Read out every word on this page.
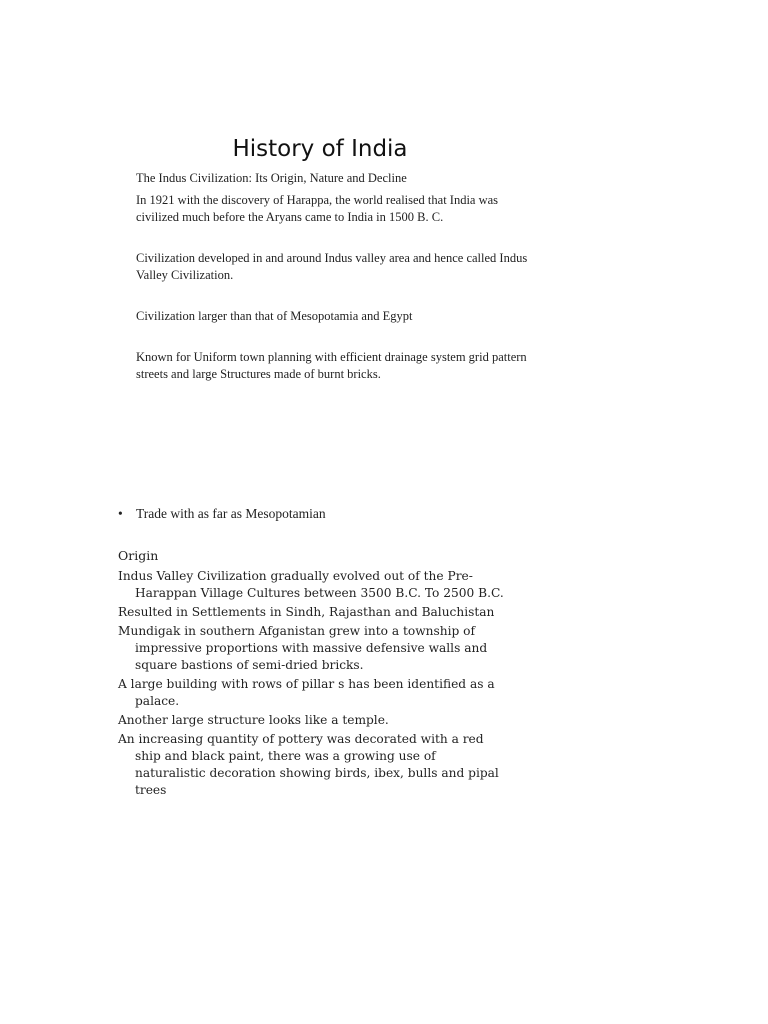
History of India

The Indus Civilization: Its Origin, Nature and Decline

In 1921 with the discovery of Harappa, the world realised that India was civilized much before the Aryans came to India in 1500 B. C.

Civilization developed in and around Indus valley area and hence called Indus Valley Civilization.

Civilization larger than that of Mesopotamia and Egypt

Known for Uniform town planning with efficient drainage system grid pattern streets and large Structures made of burnt bricks.

• Trade with as far as Mesopotamian

Origin

Indus Valley Civilization gradually evolved out of the Pre-Harappan Village Cultures between 3500 B.C. To 2500 B.C.

Resulted in Settlements in Sindh, Rajasthan and Baluchistan

Mundigak in southern Afganistan grew into a township of impressive proportions with massive defensive walls and square bastions of semi-dried bricks.

A large building with rows of pillar s has been identified as a palace.

Another large structure looks like a temple.

An increasing quantity of pottery was decorated with a red ship and black paint, there was a growing use of naturalistic decoration showing birds, ibex, bulls and pipal trees
